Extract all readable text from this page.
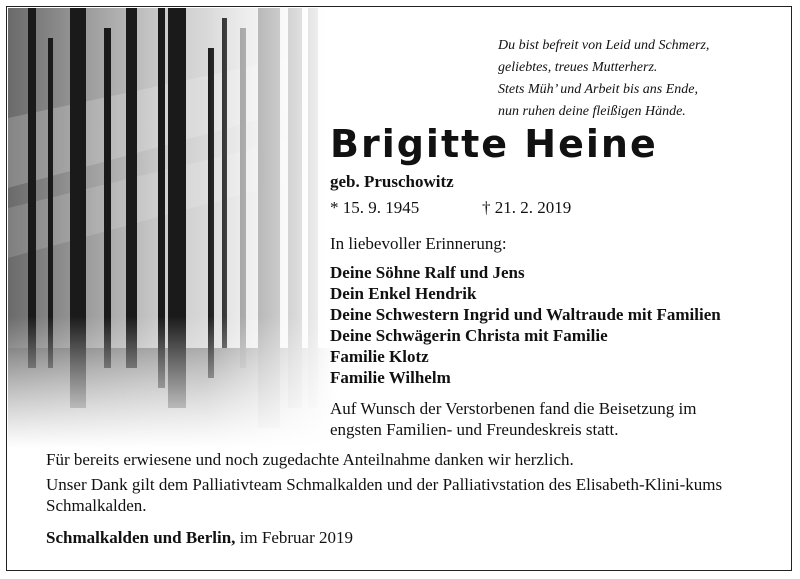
Du bist befreit von Leid und Schmerz,
geliebtes, treues Mutterherz.
Stets Müh’ und Arbeit bis ans Ende,
nun ruhen deine fleißigen Hände.
Brigitte Heine
geb. Pruschowitz
* 15. 9. 1945	† 21. 2. 2019
In liebevoller Erinnerung:
Deine Söhne Ralf und Jens
Dein Enkel Hendrik
Deine Schwestern Ingrid und Waltraude mit Familien
Deine Schwägerin Christa mit Familie
Familie Klotz
Familie Wilhelm
Auf Wunsch der Verstorbenen fand die Beisetzung im engsten Familien- und Freundeskreis statt.
Für bereits erwiesene und noch zugedachte Anteilnahme danken wir herzlich.
Unser Dank gilt dem Palliativteam Schmalkalden und der Palliativstation des Elisabeth-Klini-kums Schmalkalden.
Schmalkalden und Berlin, im Februar 2019
